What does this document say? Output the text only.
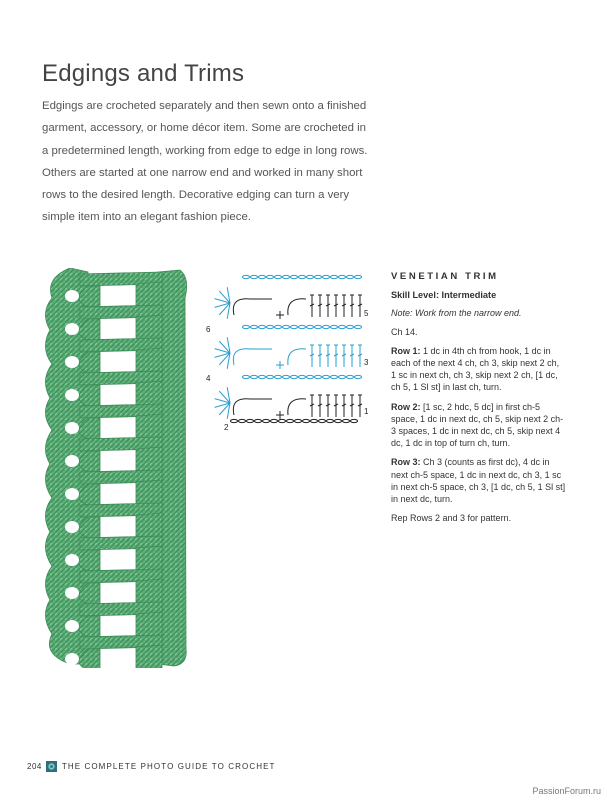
Edgings and Trims

Edgings are crocheted separately and then sewn onto a finished garment, accessory, or home décor item. Some are crocheted in a predetermined length, working from edge to edge in long rows. Others are started at one narrow end and worked in many short rows to the desired length. Decorative edging can turn a very simple item into an elegant fashion piece.

1
2
3
4
5
6
VENETIAN TRIM
Skill Level: Intermediate
Note: Work from the narrow end.
Ch 14.
Row 1: 1 dc in 4th ch from hook, 1 dc in each of the next 4 ch, ch 3, skip next 2 ch, 1 sc in next ch, ch 3, skip next 2 ch, [1 dc, ch 5, 1 Sl st] in last ch, turn.
Row 2: [1 sc, 2 hdc, 5 dc] in first ch-5 space, 1 dc in next dc, ch 5, skip next 2 ch-3 spaces, 1 dc in next dc, ch 5, skip next 4 dc, 1 dc in top of turn ch, turn.
Row 3: Ch 3 (counts as first dc), 4 dc in next ch-5 space, 1 dc in next dc, ch 3, 1 sc in next ch-5 space, ch 3, [1 dc, ch 5, 1 Sl st] in next dc, turn.
Rep Rows 2 and 3 for pattern.
204	THE COMPLETE PHOTO GUIDE TO CROCHET
PassionForum.ru
